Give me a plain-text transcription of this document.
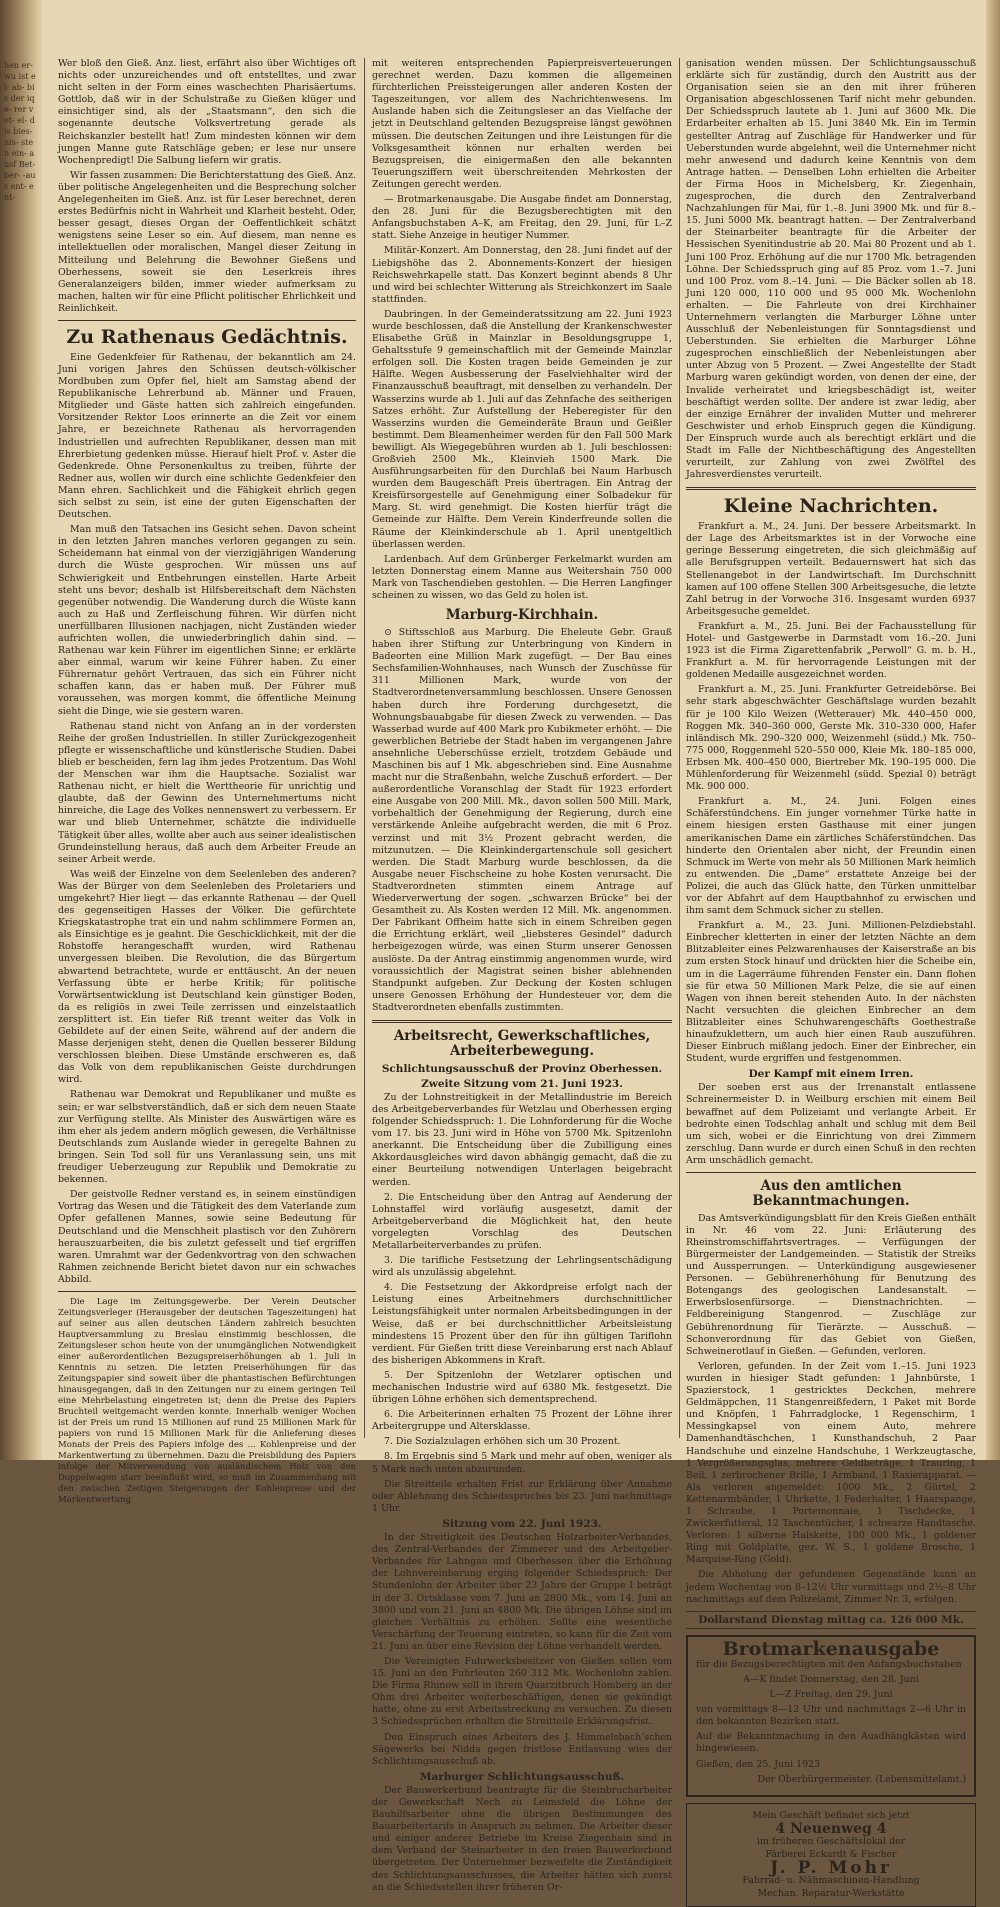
hen er- wu ist el: ab- bis der iqe- rer vet- el- dis bies- nis- sten ein- ausf Bet- ber- -aus ent- ent-

Wer bloß den Gieß. Anz. liest, erfährt also über Wichtiges oft nichts oder unzureichendes und oft entstelltes, und zwar nicht selten in der Form eines waschechten Pharisäertums. Gottlob, daß wir in der Schulstraße zu Gießen klüger und einsichtiger sind, als der „Staatsmann“, den sich die sogenannte deutsche Volksvertretung gerade als Reichskanzler bestellt hat! Zum mindesten können wir dem jungen Manne gute Ratschläge geben; er lese nur unsere Wochenpredigt! Die Salbung liefern wir gratis.

Wir fassen zusammen: Die Berichterstattung des Gieß. Anz. über politische Angelegenheiten und die Besprechung solcher Angelegenheiten im Gieß. Anz. ist für Leser berechnet, deren erstes Bedürfnis nicht in Wahrheit und Klarheit besteht. Oder, besser gesagt, dieses Organ der Oeffentlichkeit schätzt wenigstens seine Leser so ein. Auf diesem, man nenne es intellektuellen oder moralischen, Mangel dieser Zeitung in Mitteilung und Belehrung die Bewohner Gießens und Oberhessens, soweit sie den Leserkreis ihres Generalanzeigers bilden, immer wieder aufmerksam zu machen, halten wir für eine Pflicht politischer Ehrlichkeit und Reinlichkeit.

Zu Rathenaus Gedächtnis.

Eine Gedenkfeier für Rathenau, der bekanntlich am 24. Juni vorigen Jahres den Schüssen deutsch-völkischer Mordbuben zum Opfer fiel, hielt am Samstag abend der Republikanische Lehrerbund ab. Männer und Frauen, Mitglieder und Gäste hatten sich zahlreich eingefunden. Vorsitzender Rektor Loos erinnerte an die Zeit vor einem Jahre, er bezeichnete Rathenau als hervorragenden Industriellen und aufrechten Republikaner, dessen man mit Ehrerbietung gedenken müsse. Hierauf hielt Prof. v. Aster die Gedenkrede. Ohne Personenkultus zu treiben, führte der Redner aus, wollen wir durch eine schlichte Gedenkfeier den Mann ehren. Sachlichkeit und die Fähigkeit ehrlich gegen sich selbst zu sein, ist eine der guten Eigenschaften der Deutschen.

Man muß den Tatsachen ins Gesicht sehen. Davon scheint in den letzten Jahren manches verloren gegangen zu sein. Scheidemann hat einmal von der vierzigjährigen Wanderung durch die Wüste gesprochen. Wir müssen uns auf Schwierigkeit und Entbehrungen einstellen. Harte Arbeit steht uns bevor; deshalb ist Hilfsbereitschaft dem Nächsten gegenüber notwendig. Die Wanderung durch die Wüste kann auch zu Haß und Zerfleischung führen. Wir dürfen nicht unerfüllbaren Illusionen nachjagen, nicht Zuständen wieder aufrichten wollen, die unwiederbringlich dahin sind. — Rathenau war kein Führer im eigentlichen Sinne; er erklärte aber einmal, warum wir keine Führer haben. Zu einer Führernatur gehört Vertrauen, das sich ein Führer nicht schaffen kann, das er haben muß. Der Führer muß voraussehen, was morgen kommt, die öffentliche Meinung sieht die Dinge, wie sie gestern waren.

Rathenau stand nicht von Anfang an in der vordersten Reihe der großen Industriellen. In stiller Zurückgezogenheit pflegte er wissenschaftliche und künstlerische Studien. Dabei blieb er bescheiden, fern lag ihm jedes Protzentum. Das Wohl der Menschen war ihm die Hauptsache. Sozialist war Rathenau nicht, er hielt die Werttheorie für unrichtig und glaubte, daß der Gewinn des Unternehmertums nicht hinreiche, die Lage des Volkes nennenswert zu verbessern. Er war und blieb Unternehmer, schätzte die individuelle Tätigkeit über alles, wollte aber auch aus seiner idealistischen Grundeinstellung heraus, daß auch dem Arbeiter Freude an seiner Arbeit werde.

Was weiß der Einzelne von dem Seelenleben des anderen? Was der Bürger von dem Seelenleben des Proletariers und umgekehrt? Hier liegt — das erkannte Rathenau — der Quell des gegenseitigen Hasses der Völker. Die gefürchtete Kriegskatastrophe trat ein und nahm schlimmere Formen an, als Einsichtige es je geahnt. Die Geschicklichkeit, mit der die Rohstoffe herangeschafft wurden, wird Rathenau unvergessen bleiben. Die Revolution, die das Bürgertum abwartend betrachtete, wurde er enttäuscht. An der neuen Verfassung übte er herbe Kritik; für politische Vorwärtsentwicklung ist Deutschland kein günstiger Boden, da es religiös in zwei Teile zerrissen und einzelstaatlich zersplittert ist. Ein tiefer Riß trennt weiter das Volk in Gebildete auf der einen Seite, während auf der andern die Masse derjenigen steht, denen die Quellen besserer Bildung verschlossen bleiben. Diese Umstände erschweren es, daß das Volk von dem republikanischen Geiste durchdrungen wird.

Rathenau war Demokrat und Republikaner und mußte es sein; er war selbstverständlich, daß er sich dem neuen Staate zur Verfügung stellte. Als Minister des Auswärtigen wäre es ihm eher als jedem andern möglich gewesen, die Verhältnisse Deutschlands zum Auslande wieder in geregelte Bahnen zu bringen. Sein Tod soll für uns Veranlassung sein, uns mit freudiger Ueberzeugung zur Republik und Demokratie zu bekennen.

Der geistvolle Redner verstand es, in seinem einstündigen Vortrag das Wesen und die Tätigkeit des dem Vaterlande zum Opfer gefallenen Mannes, sowie seine Bedeutung für Deutschland und die Menschheit plastisch vor den Zuhörern herauszuarbeiten, die bis zuletzt gefesselt und tief ergriffen waren. Umrahmt war der Gedenkvortrag von den schwachen Rahmen zeichnende Bericht bietet davon nur ein schwaches Abbild.

Die Lage im Zeitungsgewerbe. Der Verein Deutscher Zeitungsverleger (Herausgeber der deutschen Tageszeitungen) hat auf seiner aus allen deutschen Ländern zahlreich besuchten Hauptversammlung zu Breslau einstimmig beschlossen, die Zeitungsleser schon heute von der unumgänglichen Notwendigkeit einer außerordentlichen Bezugspreiserhöhungen ab 1. Juli in Kenntnis zu setzen. Die letzten Preiserhöhungen für das Zeitungspapier sind soweit über die phantastischen Befürchtungen hinausgegangen, daß in den Zeitungen nur zu einem geringen Teil eine Mehrbelastung eingetreten ist; denn die Preise des Papiers Bruchteil weitgemacht werden konnte. Innerhalb weniger Wochen ist der Preis um rund 15 Millionen auf rund 25 Millionen Mark für papiers von rund 15 Millionen Mark für die Anlieferung dieses Monats der Preis des Papiers infolge des ... Kohlenpreise und der Markentwertung zu übernehmen. Dazu die Preisbildung des Papiers infolge der Mitverwendung von ausländischem Holz von den Doppelwagen starr beeinflußt wird, so muß im Zusammenhang mit den zwischen Zeitigen Steigerungen der Kohlenpreise und der Markentwertung

mit weiteren entsprechenden Papierpreisverteuerungen gerechnet werden. Dazu kommen die allgemeinen fürchterlichen Preissteigerungen aller anderen Kosten der Tageszeitungen, vor allem des Nachrichtenwesens. Im Auslande haben sich die Zeitungsleser an das Vielfache der jetzt in Deutschland geltenden Bezugspreise längst gewöhnen müssen. Die deutschen Zeitungen und ihre Leistungen für die Volksgesamtheit können nur erhalten werden bei Bezugspreisen, die einigermaßen den alle bekannten Teuerungsziffern weit überschreitenden Mehrkosten der Zeitungen gerecht werden.

— Brotmarkenausgabe. Die Ausgabe findet am Donnerstag, den 28. Juni für die Bezugsberechtigten mit den Anfangsbuchstaben A–K, am Freitag, den 29. Juni, für L–Z statt. Siehe Anzeige in heutiger Nummer.

Militär-Konzert. Am Donnerstag, den 28. Juni findet auf der Liebigshöhe das 2. Abonnements-Konzert der hiesigen Reichswehrkapelle statt. Das Konzert beginnt abends 8 Uhr und wird bei schlechter Witterung als Streichkonzert im Saale stattfinden.

Daubringen. In der Gemeinderatssitzung am 22. Juni 1923 wurde beschlossen, daß die Anstellung der Krankenschwester Elisabethe Grüß in Mainzlar in Besoldungsgruppe 1, Gehaltsstufe 9 gemeinschaftlich mit der Gemeinde Mainzlar erfolgen soll. Die Kosten tragen beide Gemeinden je zur Hälfte. Wegen Ausbesserung der Faselviehhalter wird der Finanzausschuß beauftragt, mit denselben zu verhandeln. Der Wasserzins wurde ab 1. Juli auf das Zehnfache des seitherigen Satzes erhöht. Zur Aufstellung der Heberegister für den Wasserzins wurden die Gemeinderäte Braun und Geißler bestimmt. Dem Bleamenheimer werden für den Fall 500 Mark bewilligt. Als Wiegegebühren wurden ab 1. Juli beschlossen: Großvieh 2500 Mk., Kleinvieh 1500 Mark. Die Ausführungsarbeiten für den Durchlaß bei Naum Harbusch wurden dem Baugeschäft Preis übertragen. Ein Antrag der Kreisfürsorgestelle auf Genehmigung einer Solbadekur für Marg. St. wird genehmigt. Die Kosten hierfür trägt die Gemeinde zur Hälfte. Dem Verein Kinderfreunde sollen die Räume der Kleinkinderschule ab 1. April unentgeltlich überlassen werden.

Lardenbach. Auf dem Grünberger Ferkelmarkt wurden am letzten Donnerstag einem Manne aus Weitershain 750 000 Mark von Taschendieben gestohlen. — Die Herren Langfinger scheinen zu wissen, wo das Geld zu holen ist.

Marburg-Kirchhain.

⊙ Stiftsschloß aus Marburg. Die Eheleute Gebr. Grauß haben ihrer Stiftung zur Unterbringung von Kindern in Badeorten eine Million Mark zugefügt. — Der Bau eines Sechsfamilien-Wohnhauses, nach Wunsch der Zuschüsse für 311 Millionen Mark, wurde von der Stadtverordnetenversammlung beschlossen. Unsere Genossen haben durch ihre Forderung durchgesetzt, die Wohnungsbauabgabe für diesen Zweck zu verwenden. — Das Wasserbad wurde auf 400 Mark pro Kubikmeter erhöht. — Die gewerblichen Betriebe der Stadt haben im vergangenen Jahre ansehnliche Ueberschüsse erzielt, trotzdem Gebäude und Maschinen bis auf 1 Mk. abgeschrieben sind. Eine Ausnahme macht nur die Straßenbahn, welche Zuschuß erfordert. — Der außerordentliche Voranschlag der Stadt für 1923 erfordert eine Ausgabe von 200 Mill. Mk., davon sollen 500 Mill. Mark, vorbehaltlich der Genehmigung der Regierung, durch eine verstärkende Anleihe aufgebracht werden, die mit 6 Proz. verzinst und mit 3½ Prozent gebracht werden, die mitzunutzen. — Die Kleinkindergartenschule soll gesichert werden. Die Stadt Marburg wurde beschlossen, da die Ausgabe neuer Fischscheine zu hohe Kosten verursacht. Die Stadtverordneten stimmten einem Antrage auf Wiederverwertung der sogen. „schwarzen Brücke“ bei der Gesamtheit zu. Als Kosten werden 12 Mill. Mk. angenommen. Der Fabrikant Offheim hatte sich in einem Schreiben gegen die Errichtung erklärt, weil „liebsteres Gesindel“ dadurch herbeigezogen würde, was einen Sturm unserer Genossen auslöste. Da der Antrag einstimmig angenommen wurde, wird voraussichtlich der Magistrat seinen bisher ablehnenden Standpunkt aufgeben. Zur Deckung der Kosten schlugen unsere Genossen Erhöhung der Hundesteuer vor, dem die Stadtverordneten ebenfalls zustimmten.

Arbeitsrecht, Gewerkschaftliches, Arbeiterbewegung.
Schlichtungsausschuß der Provinz Oberhessen.
Zweite Sitzung vom 21. Juni 1923.

Zu der Lohnstreitigkeit in der Metallindustrie im Bereich des Arbeitgeberverbandes für Wetzlau und Oberhessen erging folgender Schiedsspruch: 1. Die Lohnforderung für die Woche vom 17. bis 23. Juni wird in Höhe von 5700 Mk. Spitzenlohn anerkannt. Die Entscheidung über die Zubilligung eines Akkordausgleiches wird davon abhängig gemacht, daß die zu einer Beurteilung notwendigen Unterlagen beigebracht werden.

2. Die Entscheidung über den Antrag auf Aenderung der Lohnstaffel wird vorläufig ausgesetzt, damit der Arbeitgeberverband die Möglichkeit hat, den heute vorgelegten Vorschlag des Deutschen Metallarbeiterverbandes zu prüfen.

3. Die tarifliche Festsetzung der Lehrlingsentschädigung wird als unzulässig abgelehnt.

4. Die Festsetzung der Akkordpreise erfolgt nach der Leistung eines Arbeitnehmers durchschnittlicher Leistungsfähigkeit unter normalen Arbeitsbedingungen in der Weise, daß er bei durchschnittlicher Arbeitsleistung mindestens 15 Prozent über den für ihn gültigen Tariflohn verdient. Für Gießen tritt diese Vereinbarung erst nach Ablauf des bisherigen Abkommens in Kraft.

5. Der Spitzenlohn der Wetzlarer optischen und mechanischen Industrie wird auf 6380 Mk. festgesetzt. Die übrigen Löhne erhöhen sich dementsprechend.

6. Die Arbeiterinnen erhalten 75 Prozent der Löhne ihrer Arbeitergruppe und Altersklasse.

7. Die Sozialzulagen erhöhen sich um 30 Prozent.

8. Im Ergebnis sind 5 Mark und mehr auf oben, weniger als 5 Mark nach unten abzurunden.

Die Streitteile erhalten Frist zur Erklärung über Annahme oder Ablehnung des Schiedsspruches bis 23. Juni nachmittags 1 Uhr.

Sitzung vom 22. Juni 1923.

In der Streitigkeit des Deutschen Holzarbeiter-Verbandes, des Zentral-Verbandes der Zimmerer und des Arbeitgeber-Verbandes für Lahngau und Oberhessen über die Erhöhung der Lohnvereinbarung erging folgender Schiedsspruch: Der Stundenlohn der Arbeiter über 23 Jahre der Gruppe I beträgt in der 3. Ortsklasse vom 7. Juni an 2800 Mk., vom 14. Juni an 3800 und vom 21. Juni an 4800 Mk. Die übrigen Löhne sind im gleichen Verhältnis zu erhöhen. Sollte eine wesentliche Verschärfung der Teuerung eintreten, so kann für die Zeit vom 21. Juni an über eine Revision der Löhne verhandelt werden.

Die Vereinigten Fuhrwerksbesitzer von Gießen sollen vom 15. Juni an den Fuhrleuten 260 312 Mk. Wochenlohn zahlen. Die Firma Rhinow soll in ihrem Quarzitbruch Homberg an der Ohm drei Arbeiter weiterbeschäftigen, denen sie gekündigt hatte, ohne zu erst Arbeitsstreckung zu versuchen. Zu diesen 3 Schiedssprüchen erhalten die Streitteile Erklärungsfrist.

Den Einspruch eines Arbeiters des J. Himmelsbach’schen Sägewerks bei Nidda gegen fristlose Entlassung wies der Schlichtungsausschuß ab.

Marburger Schlichtungsausschuß.

Der Bauwerkerbund beantragte für die Steinbrucharbeiter der Gewerkschaft Nech zu Leimsfeld die Löhne der Bauhilfsarbeiter ohne die übrigen Bestimmungen des Bauarbeitertarifs in Anspruch zu nehmen. Die Arbeiter dieser und einiger anderer Betriebe im Kreise Ziegenhain sind in dem Verband der Steinarbeiter in den freien Bauwerkerbund übergetreten. Der Unternehmer bezweifelte die Zuständigkeit des Schlichtungsausschusses, die Arbeiter hätten sich zuerst an die Schiedsstellen ihrer früheren Or-

ganisation wenden müssen. Der Schlichtungsausschuß erklärte sich für zuständig, durch den Austritt aus der Organisation seien sie an den mit ihrer früheren Organisation abgeschlossenen Tarif nicht mehr gebunden. Der Schiedsspruch lautete ab 1. Juni auf 3600 Mk. Die Erdarbeiter erhalten ab 15. Juni 3840 Mk. Ein im Termin gestellter Antrag auf Zuschläge für Handwerker und für Ueberstunden wurde abgelehnt, weil die Unternehmer nicht mehr anwesend und dadurch keine Kenntnis von dem Antrage hatten. — Denselben Lohn erhielten die Arbeiter der Firma Hoos in Michelsberg, Kr. Ziegenhain, zugesprochen, die durch den Zentralverband Nachzahlungen für Mai, für 1.–8. Juni 3900 Mk. und für 8.–15. Juni 5000 Mk. beantragt hatten. — Der Zentralverband der Steinarbeiter beantragte für die Arbeiter der Hessischen Syenitindustrie ab 20. Mai 80 Prozent und ab 1. Juni 100 Proz. Erhöhung auf die nur 1700 Mk. betragenden Löhne. Der Schiedsspruch ging auf 85 Proz. vom 1.–7. Juni und 100 Proz. vom 8.–14. Juni. — Die Bäcker sollen ab 18. Juni 120 000, 110 000 und 95 000 Mk. Wochenlohn erhalten. — Die Fahrleute von drei Kirchhainer Unternehmern verlangten die Marburger Löhne unter Ausschluß der Nebenleistungen für Sonntagsdienst und Ueberstunden. Sie erhielten die Marburger Löhne zugesprochen einschließlich der Nebenleistungen aber unter Abzug von 5 Prozent. — Zwei Angestellte der Stadt Marburg waren gekündigt worden, von denen der eine, der Invalide verheiratet und kriegsbeschädigt ist, weiter beschäftigt werden sollte. Der andere ist zwar ledig, aber der einzige Ernährer der invaliden Mutter und mehrerer Geschwister und erhob Einspruch gegen die Kündigung. Der Einspruch wurde auch als berechtigt erklärt und die Stadt im Falle der Nichtbeschäftigung des Angestellten verurteilt, zur Zahlung von zwei Zwölftel des Jahresverdienstes verurteilt.

Kleine Nachrichten.

Frankfurt a. M., 24. Juni. Der bessere Arbeitsmarkt. In der Lage des Arbeitsmarktes ist in der Vorwoche eine geringe Besserung eingetreten, die sich gleichmäßig auf alle Berufsgruppen verteilt. Bedauernswert hat sich das Stellenangebot in der Landwirtschaft. Im Durchschnitt kamen auf 100 offene Stellen 300 Arbeitsgesuche, die letzte Zahl betrug in der Vorwoche 316. Insgesamt wurden 6937 Arbeitsgesuche gemeldet.

Frankfurt a. M., 25. Juni. Bei der Fachausstellung für Hotel- und Gastgewerbe in Darmstadt vom 16.–20. Juni 1923 ist die Firma Zigarettenfabrik „Perwoll“ G. m. b. H., Frankfurt a. M. für hervorragende Leistungen mit der goldenen Medaille ausgezeichnet worden.

Frankfurt a. M., 25. Juni. Frankfurter Getreidebörse. Bei sehr stark abgeschwächter Geschäftslage wurden bezahlt für je 100 Kilo Weizen (Wetterauer) Mk. 440–450 000, Roggen Mk. 340–360 000, Gerste Mk. 310–330 000, Hafer inländisch Mk. 290–320 000, Weizenmehl (südd.) Mk. 750–775 000, Roggenmehl 520–550 000, Kleie Mk. 180–185 000, Erbsen Mk. 400–450 000, Biertreber Mk. 190–195 000. Die Mühlenforderung für Weizenmehl (südd. Spezial 0) beträgt Mk. 900 000.

Frankfurt a. M., 24. Juni. Folgen eines Schäferstündchens. Ein junger vornehmer Türke hatte in einem hiesigen ersten Gasthause mit einer jungen amerikanischen Dame ein zärtliches Schäferstündchen. Das hinderte den Orientalen aber nicht, der Freundin einen Schmuck im Werte von mehr als 50 Millionen Mark heimlich zu entwenden. Die „Dame“ erstattete Anzeige bei der Polizei, die auch das Glück hatte, den Türken unmittelbar vor der Abfahrt auf dem Hauptbahnhof zu erwischen und ihm samt dem Schmuck sicher zu stellen.

Frankfurt a. M., 23. Juni. Millionen-Pelzdiebstahl. Einbrecher kletterten in einer der letzten Nächte an dem Blitzableiter eines Pelzwarenhauses der Kaiserstraße an bis zum ersten Stock hinauf und drückten hier die Scheibe ein, um in die Lagerräume führenden Fenster ein. Dann flohen sie für etwa 50 Millionen Mark Pelze, die sie auf einen Wagen von ihnen bereit stehenden Auto. In der nächsten Nacht versuchten die gleichen Einbrecher an dem Blitzableiter eines Schuhwarengeschäfts Goethestraße hinaufzuklettern, um auch hier einen Raub auszuführen. Dieser Einbruch mißlang jedoch. Einer der Einbrecher, ein Student, wurde ergriffen und festgenommen.

Der Kampf mit einem Irren.

Der soeben erst aus der Irrenanstalt entlassene Schreinermeister D. in Weilburg erschien mit einem Beil bewaffnet auf dem Polizeiamt und verlangte Arbeit. Er bedrohte einen Todschlag anhalt und schlug mit dem Beil um sich, wobei er die Einrichtung von drei Zimmern zerschlug. Dann wurde er durch einen Schuß in den rechten Arm unschädlich gemacht.

Aus den amtlichen Bekanntmachungen.

Das Amtsverkündigungsblatt für den Kreis Gießen enthält in Nr. 46 vom 22. Juni: Erläuterung des Rheinstromschiffahrtsvertrages. — Verfügungen der Bürgermeister der Landgemeinden. — Statistik der Streiks und Aussperrungen. — Unterkündigung ausgewiesener Personen. — Gebührenerhöhung für Benutzung des Botengangs des geologischen Landesanstalt. — Erwerbslosenfürsorge. — Dienstnachrichten. — Feldbereinigung Stangenrod. — Zuschläge zur Gebührenordnung für Tierärzte. — Ausschuß. — Schonverordnung für das Gebiet von Gießen, Schweinerotlauf in Gießen. — Gefunden, verloren.

Verloren, gefunden. In der Zeit vom 1.–15. Juni 1923 wurden in hiesiger Stadt gefunden: 1 Jahnbürste, 1 Spazierstock, 1 gestricktes Deckchen, mehrere Geldmäppchen, 11 Stangenreißfedern, 1 Paket mit Borde und Knöpfen, 1 Fahrradglocke, 1 Regenschirm, 1 Messingkapsel von einem Auto, mehrere Damenhandtäschchen, 1 Kunsthandschuh, 2 Paar Handschuhe und einzelne Handschuhe, 1 Werkzeugtasche, 1 Vergrößerungsglas, mehrere Geldbeträge, 1 Trauring, 1 Beil, 1 zerbrochener Brille, 1 Armband, 1 Rasierapparat. — Als verloren angemeldet: 1000 Mk., 2 Gürtel, 2 Kettenarmbänder, 1 Uhrkette, 1 Federhalter, 1 Haarspange, 1 Schraube, 1 Portemonnaie, 1 Tischdecke, 1 Zwickerfutteral, 12 Taschentücher, 1 schwarze Handtasche. Verloren: 1 silberne Halskette, 100 000 Mk., 1 goldener Ring mit Goldplatte, gez. W. S., 1 goldene Brosche, 1 Marquise-Ring (Gold).

Die Abholung der gefundenen Gegenstände kann an jedem Wochentag von 8–12½ Uhr vormittags und 2½–8 Uhr nachmittags auf dem Polizeiamt, Zimmer Nr. 3, erfolgen.

Dollarstand Dienstag mittag ca. 126 000 Mk.
Brotmarkenausgabe

für die Bezugsberechtigten mit den Anfangsbuchstaben

A—K findet Donnerstag, den 28. Juni

L—Z Freitag, den 29. Juni

von vormittags 8—12 Uhr und nachmittags 2—6 Uhr in den bekannten Bezirken statt.

Auf die Bekanntmachung in den Ausdhängkästen wird hingewiesen.

Gießen, den 25. Juni 1923

Der Oberbürgermeister. (Lebensmittelamt.)

Mein Geschäft befindet sich jetzt
4 Neuenweg 4
im früheren Geschäftslokal der
Färberei Eckardt & Fischer
J. P. Mohr
Fahrrad- u. Nähmaschinen-Handlung
Mechan. Reparatur-Werkstätte
